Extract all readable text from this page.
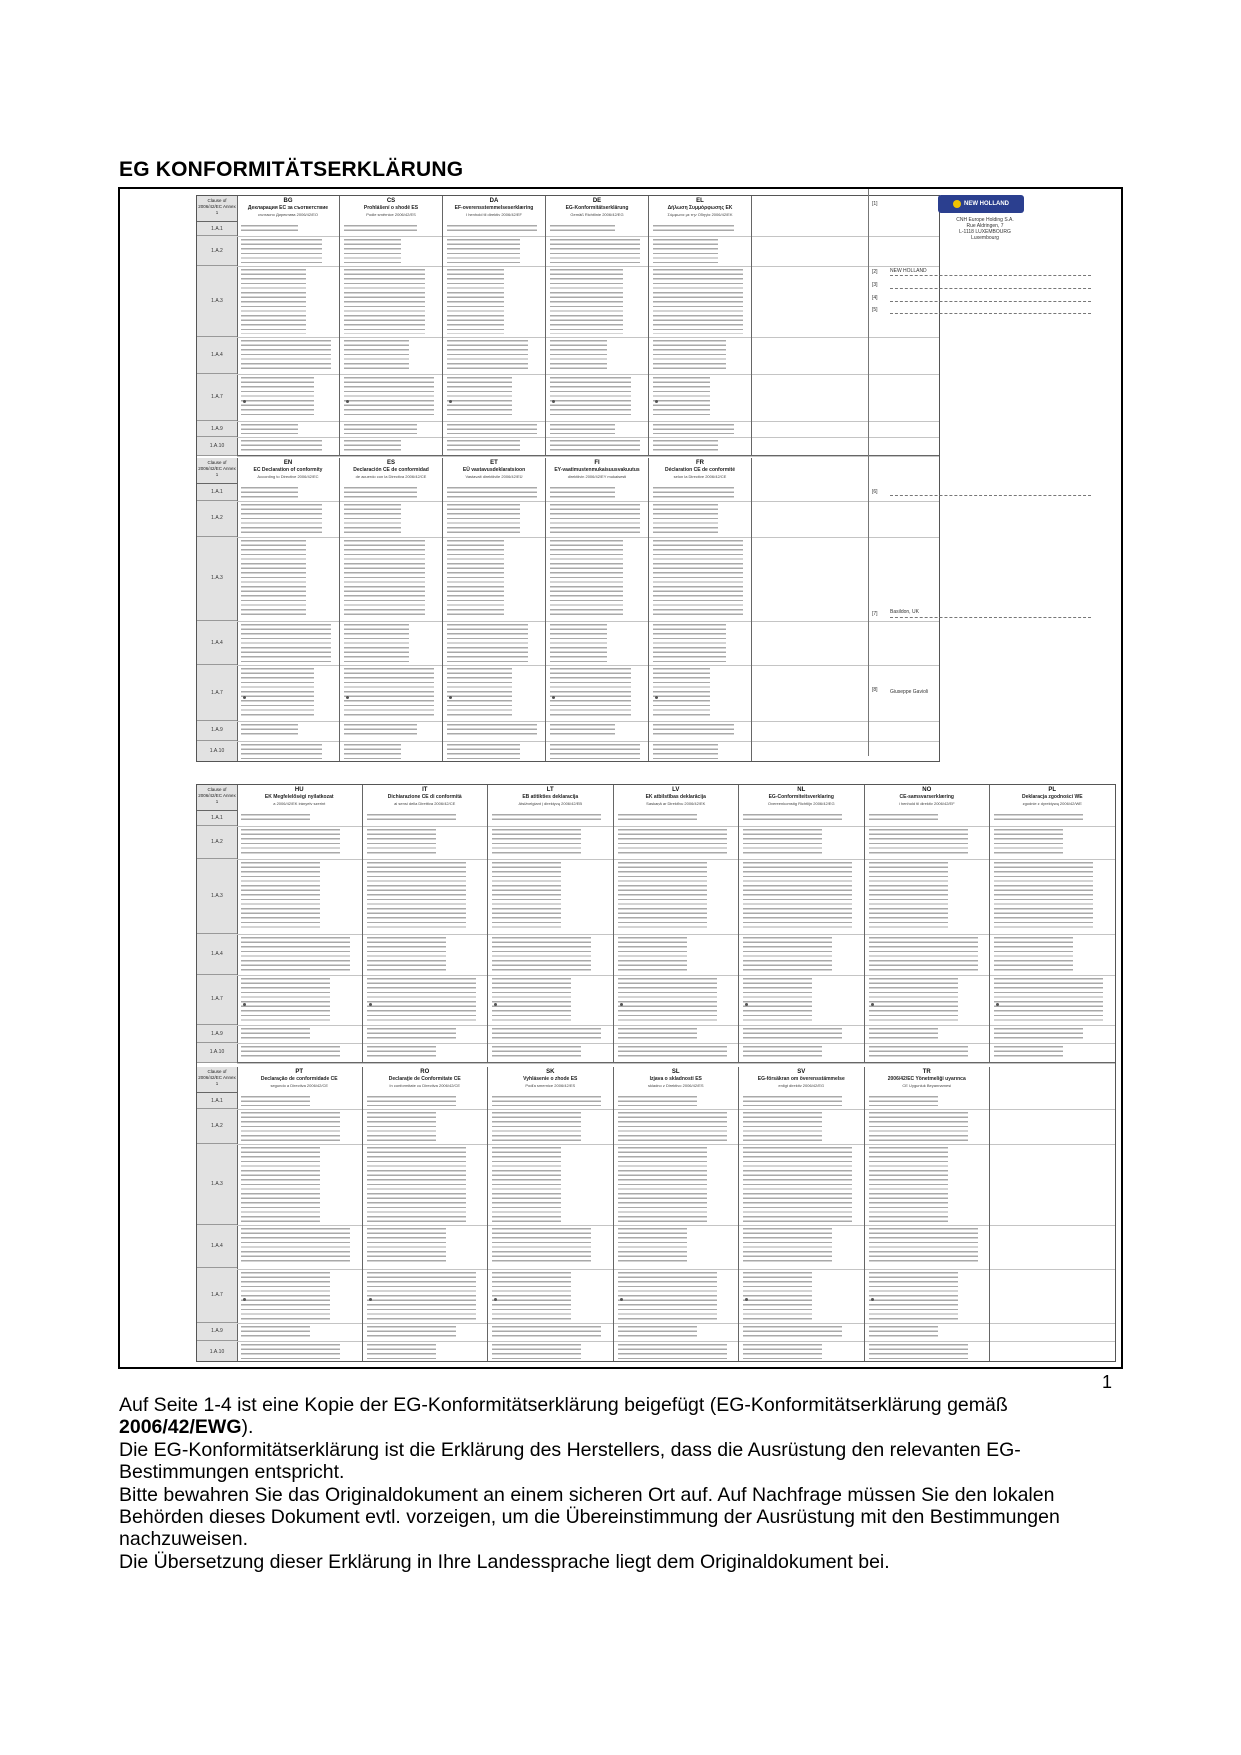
EG KONFORMITÄTSERKLÄRUNG
Clause of 2006/42/EC Annex 1
1.A.1
1.A.2
1.A.3
1.A.4
1.A.7
1.A.9
1.A.10
BG
Декларация ЕС за съответствие
съгласно Директива 2006/42/ЕО
CS
Prohlášení o shodě ES
Podle směrnice 2006/42/ES
DA
EF-overensstemmelseserklæring
I henhold til direktiv 2006/42/EF
DE
EG-Konformitätserklärung
Gemäß Richtlinie 2006/42/EG
EL
Δήλωση Συμμόρφωσης ΕΚ
Σύμφωνα με την Οδηγία 2006/42/ΕΚ
Clause of 2006/42/EC Annex 1
1.A.1
1.A.2
1.A.3
1.A.4
1.A.7
1.A.9
1.A.10
EN
EC Declaration of conformity
According to Directive 2006/42/EC
ES
Declaración CE de conformidad
de acuerdo con la Directiva 2006/42/CE
ET
EÜ vastavusdeklaratsioon
Vastavalt direktiivile 2006/42/EÜ
FI
EY-vaatimustenmukaisuusvakuutus
direktiivin 2006/42/EY mukaisesti
FR
Déclaration CE de conformité
selon la Directive 2006/42/CE
Clause of 2006/42/EC Annex 1
1.A.1
1.A.2
1.A.3
1.A.4
1.A.7
1.A.9
1.A.10
HU
EK Megfelelőségi nyilatkozat
a 2006/42/EK irányelv szerint
IT
Dichiarazione CE di conformità
ai sensi della Direttiva 2006/42/CE
LT
EB atitikties deklaracija
Atsižvelgiant į direktyvą 2006/42/EB
LV
EK atbilstības deklarācija
Saskaņā ar Direktīvu 2006/42/EK
NL
EG-Conformiteitsverklaring
Overeenkomstig Richtlijn 2006/42/EG
NO
CE-samsvarserklæring
i henhold til direktiv 2006/42/EF
PL
Deklaracja zgodności WE
zgodnie z dyrektywą 2006/42/WE
Clause of 2006/42/EC Annex 1
1.A.1
1.A.2
1.A.3
1.A.4
1.A.7
1.A.9
1.A.10
PT
Declaração de conformidade CE
segundo a Directiva 2006/42/CE
RO
Declaraţie de Conformitate CE
în conformitate cu Directiva 2006/42/CE
SK
Vyhlásenie o zhode ES
Podľa smernice 2006/42/ES
SL
Izjava o skladnosti ES
skladno z Direktivo 2006/42/ES
SV
EG-försäkran om överensstämmelse
enligt direktiv 2006/42/EG
TR
2006/42/EC Yönetmeliği uyarınca
CE Uygunluk Beyannamesi
NEW HOLLAND
CNH Europe Holding S.A.
Rue Aldringen, 7
L-1118 LUXEMBOURG
Luxembourg
[1]
[2]
[3]
[4]
[5]
[6]
[7]
[8]
NEW HOLLAND
Basildon, UK
Giuseppe Gavioli
1
Auf Seite 1-4 ist eine Kopie der EG-Konformitätserklärung beigefügt (EG-Konformitätserklärung gemäß 2006/42/EWG).
Die EG-Konformitätserklärung ist die Erklärung des Herstellers, dass die Ausrüstung den relevanten EG-Bestimmungen entspricht.
Bitte bewahren Sie das Originaldokument an einem sicheren Ort auf. Auf Nachfrage müssen Sie den lokalen Behörden dieses Dokument evtl. vorzeigen, um die Übereinstimmung der Ausrüstung mit den Bestimmungen nachzuweisen.
Die Übersetzung dieser Erklärung in Ihre Landessprache liegt dem Originaldokument bei.
